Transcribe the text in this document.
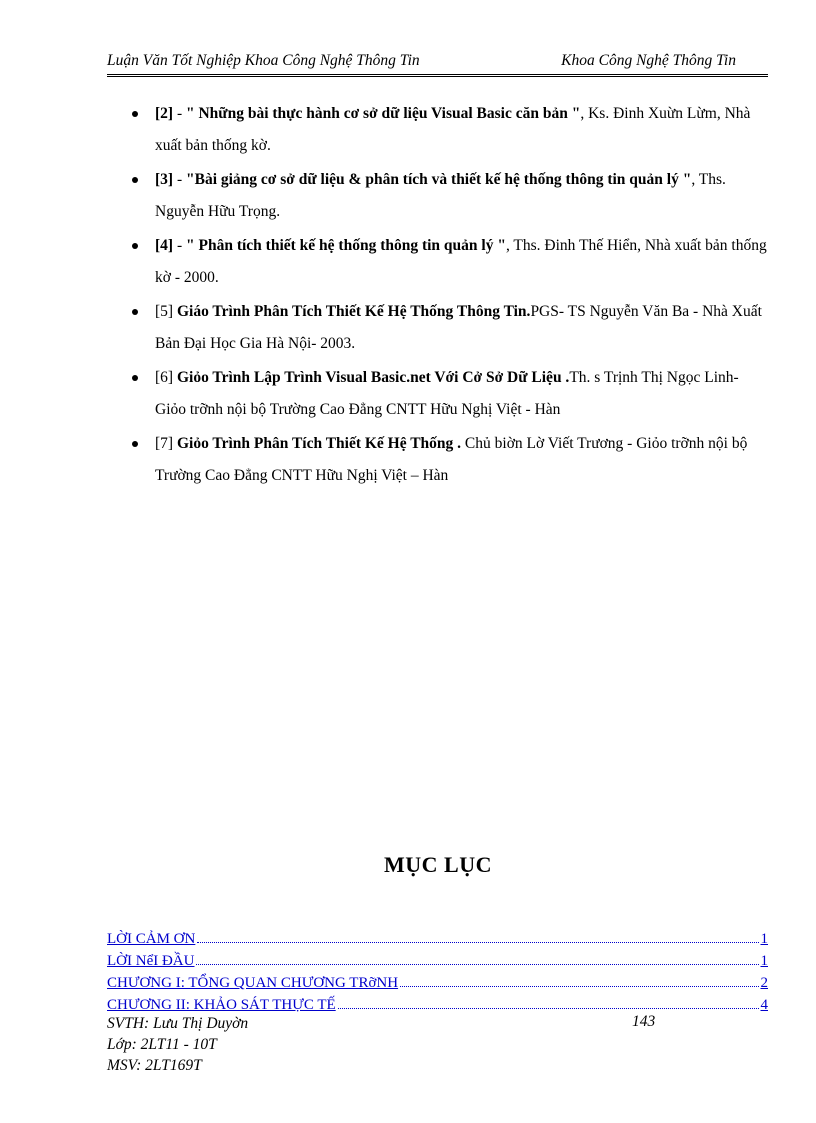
Luận Văn Tốt Nghiệp Khoa Công Nghệ Thông Tin	Khoa Công Nghệ Thông Tin
[2] - " Những bài thực hành cơ sở dữ liệu Visual Basic căn bản ", Ks. Đinh Xuừn Lừm, Nhà xuất bản thống kờ.
[3] - "Bài giảng cơ sở dữ liệu & phân tích và thiết kế hệ thống thông tin quản lý ", Ths. Nguyễn Hữu Trọng.
[4] - " Phân tích thiết kế hệ thống thông tin quản lý ", Ths. Đinh Thế Hiển, Nhà xuất bản thống kờ - 2000.
[5] Giáo Trình Phân Tích Thiết Kế Hệ Thống Thông Tin.PGS- TS Nguyễn Văn Ba - Nhà Xuất Bản Đại Học Gia Hà Nội- 2003.
[6] Giỏo Trình Lập Trình Visual Basic.net Với Cở Sở Dữ Liệu .Th. s Trịnh Thị Ngọc Linh- Giỏo trỡnh nội bộ Trường Cao Đẳng CNTT Hữu Nghị Việt - Hàn
[7] Giỏo Trình Phân Tích Thiết Kế Hệ Thống . Chủ biờn Lờ Viết Trương - Giỏo trỡnh nội bộ Trường Cao Đẳng CNTT Hữu Nghị Việt – Hàn
MỤC LỤC
LỜI CẢM ƠN	1
LỜI NểI ĐẦU	1
CHƯƠNG I: TỔNG QUAN CHƯƠNG TRỡNH	2
CHƯƠNG II: KHẢO SÁT THỰC TẾ	4
SVTH: Lưu Thị Duyờn
Lớp: 2LT11 - 10T
MSV: 2LT169T
143
